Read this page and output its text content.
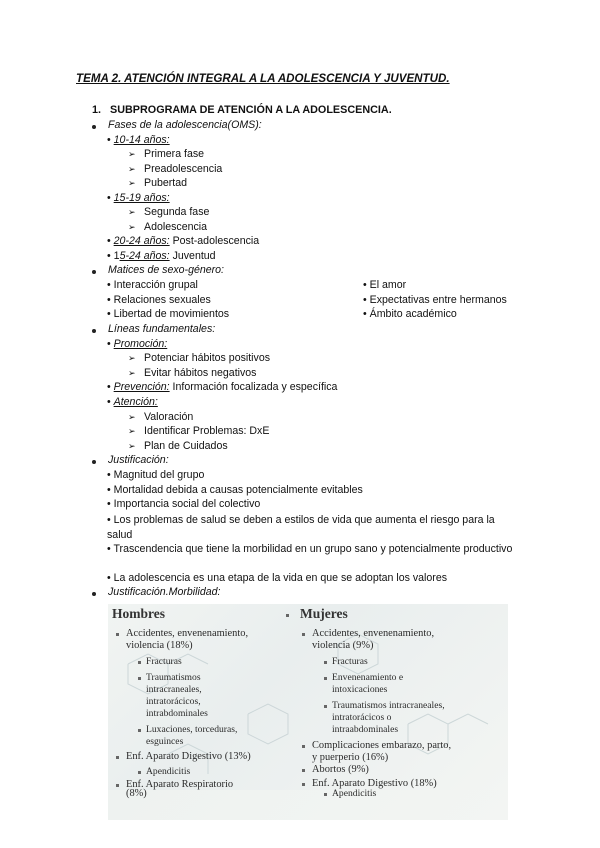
TEMA 2. ATENCIÓN INTEGRAL A LA ADOLESCENCIA Y JUVENTUD.
1. SUBPROGRAMA DE ATENCIÓN A LA ADOLESCENCIA.
Fases de la adolescencia(OMS):
• 10-14 años:
➢ Primera fase
➢ Preadolescencia
➢ Pubertad
• 15-19 años:
➢ Segunda fase
➢ Adolescencia
• 20-24 años: Post-adolescencia
• 15-24 años: Juventud
Matices de sexo-género:
• Interacción grupal
• Relaciones sexuales
• Libertad de movimientos
• El amor
• Expectativas entre hermanos
• Ámbito académico
Líneas fundamentales:
• Promoción:
➢ Potenciar hábitos positivos
➢ Evitar hábitos negativos
• Prevención: Información focalizada y específica
• Atención:
➢ Valoración
➢ Identificar Problemas: DxE
➢ Plan de Cuidados
Justificación:
• Magnitud del grupo
• Mortalidad debida a causas potencialmente evitables
• Importancia social del colectivo
• Los problemas de salud se deben a estilos de vida que aumenta el riesgo para la salud
• Trascendencia que tiene la morbilidad en un grupo sano y potencialmente productivo
• La adolescencia es una etapa de la vida en que se adoptan los valores
Justificación.Morbilidad:
Hombres
Accidentes, envenenamiento,
violencia (18%)
Fracturas
Traumatismos
intracraneales,
intratorácicos,
intrabdominales
Luxaciones, torceduras,
esguinces
Enf. Aparato Digestivo (13%)
Apendicitis
Enf. Aparato Respiratorio
Mujeres
Accidentes, envenenamiento,
violencia (9%)
Fracturas
Envenenamiento e
intoxicaciones
Traumatismos intracraneales,
intratorácicos o
intraabdominales
Complicaciones embarazo, parto,
y puerperio (16%)
Abortos (9%)
Enf. Aparato Digestivo (18%)
(8%)	Apendicitis
